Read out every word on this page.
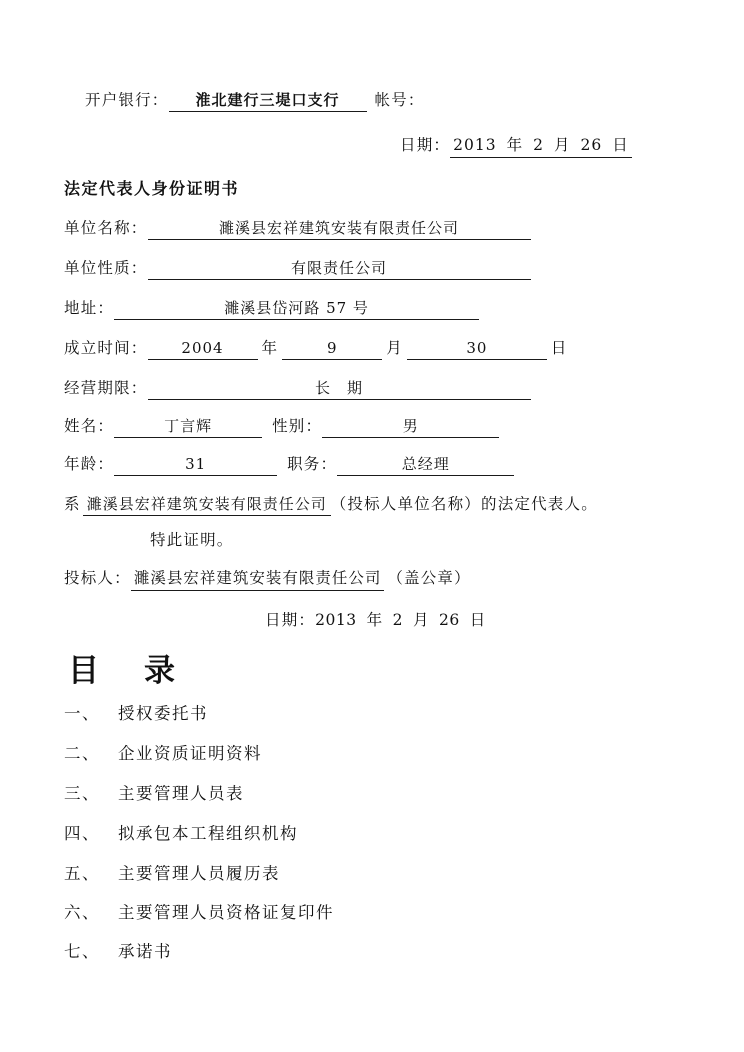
开户银行：	淮北建行三堤口支行	帐号：
日期： 2013 年 2 月 26 日
法定代表人身份证明书
单位名称：	濉溪县宏祥建筑安装有限责任公司
单位性质：	有限责任公司
地址：	濉溪县岱河路 57 号
成立时间：	2004	年	9	月	30	日
经营期限：	长　期
姓名：	丁言辉	性别：	男
年龄：	31	职务：	总经理
系 濉溪县宏祥建筑安装有限责任公司 （投标人单位名称）的法定代表人。
特此证明。
投标人： 濉溪县宏祥建筑安装有限责任公司 （盖公章）
日期： 2013 年 2 月 26 日
目　录
一、	授权委托书
二、	企业资质证明资料
三、	主要管理人员表
四、	拟承包本工程组织机构
五、	主要管理人员履历表
六、	主要管理人员资格证复印件
七、	承诺书
